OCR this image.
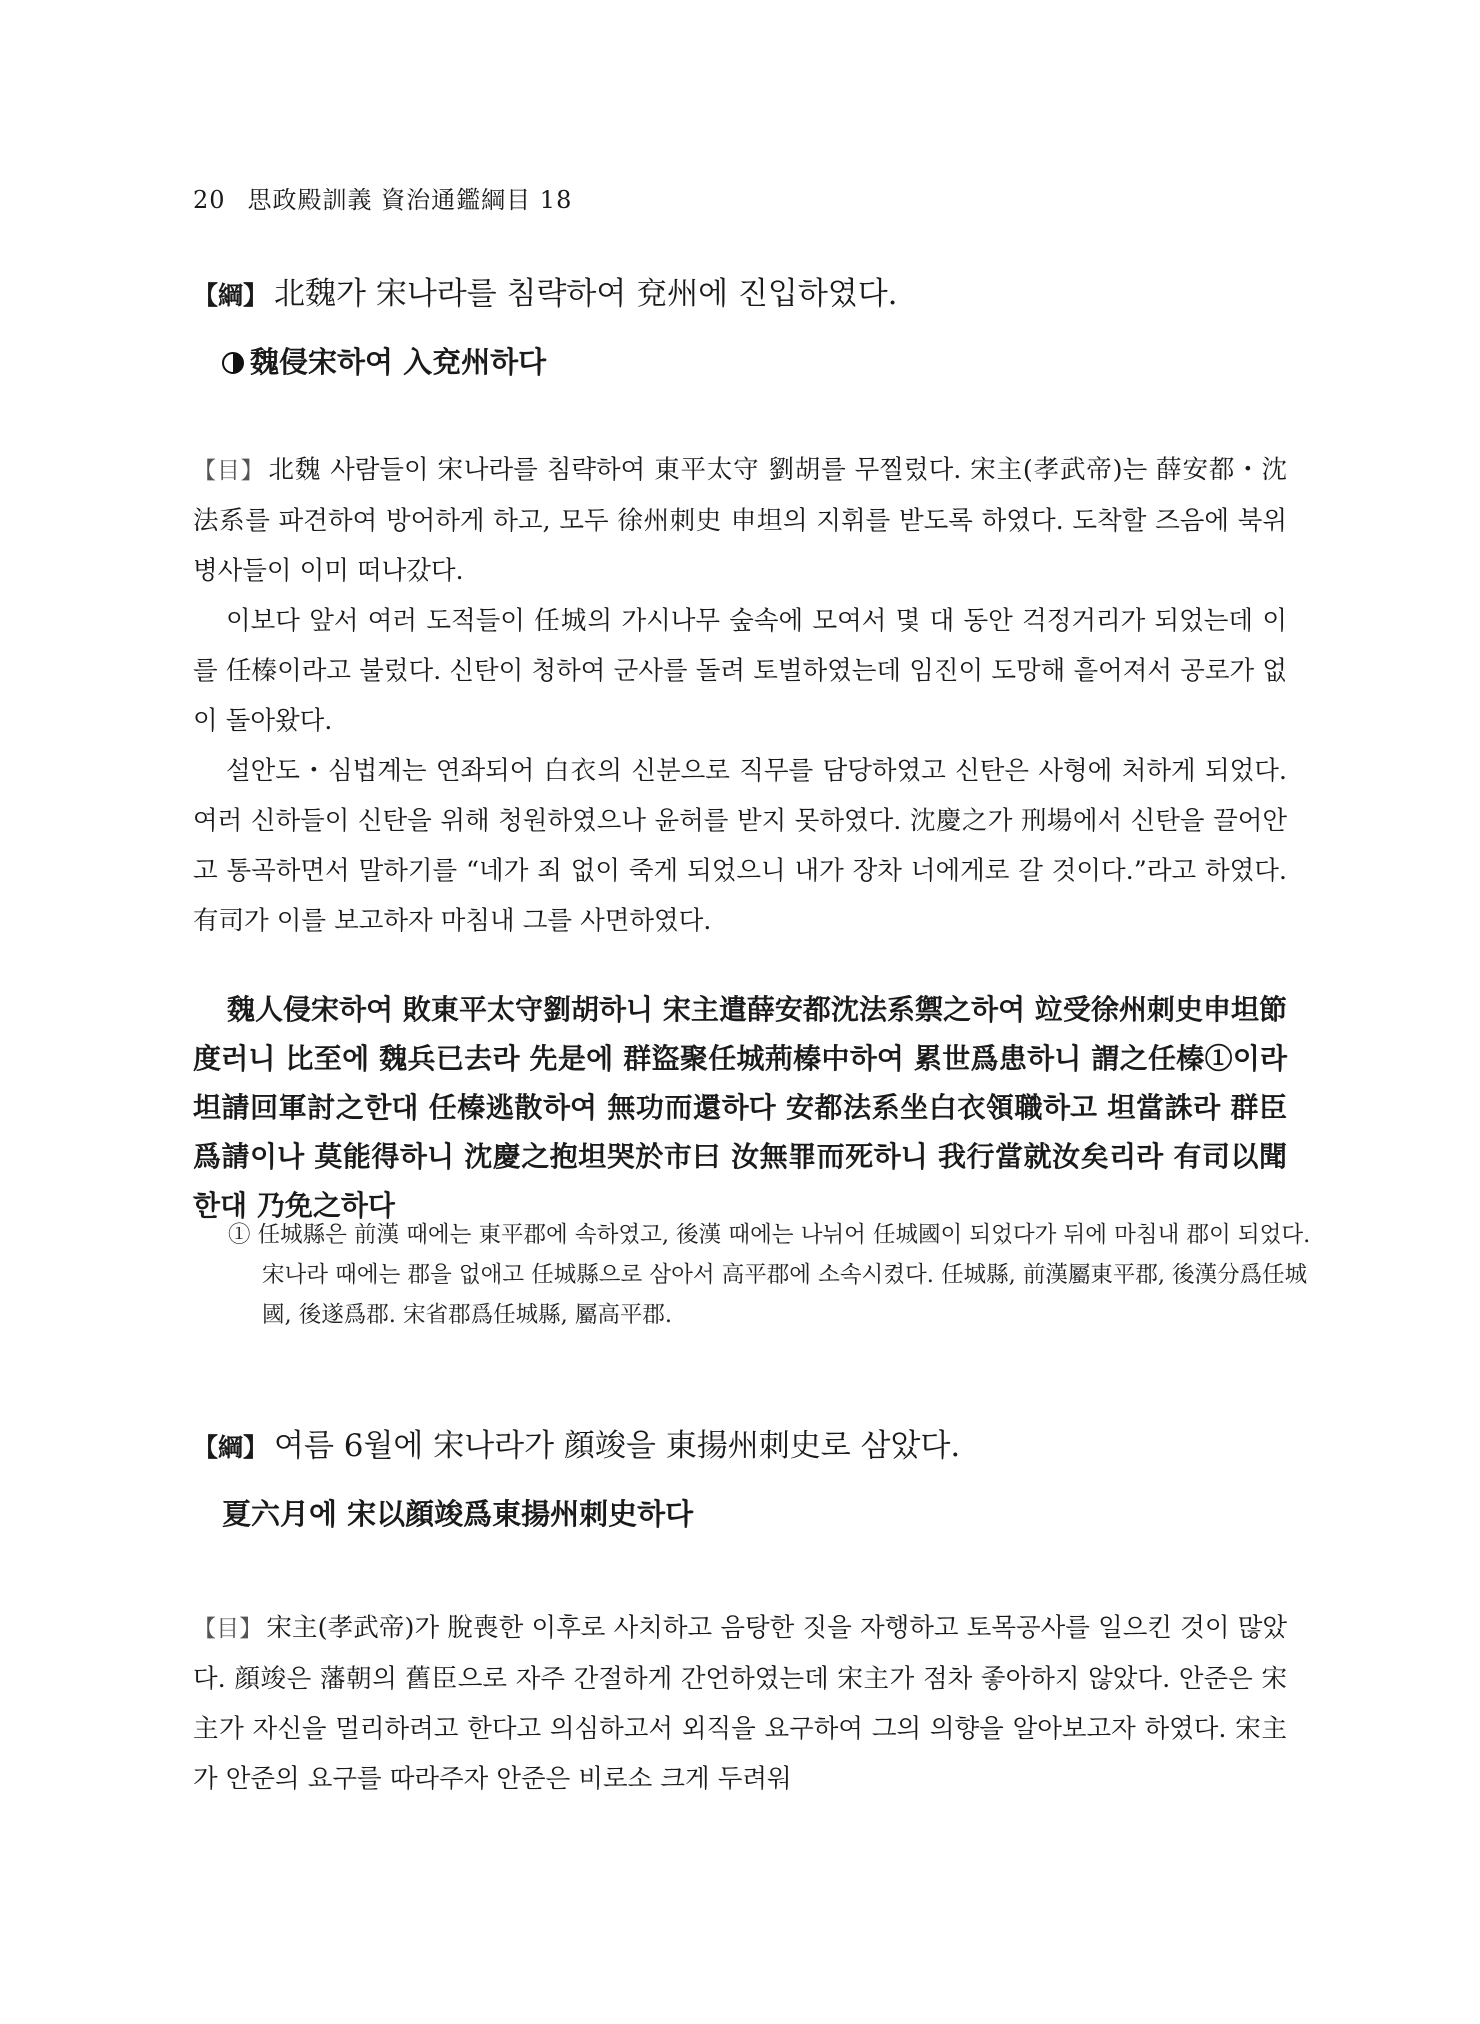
20 思政殿訓義 資治通鑑綱目 18
【綱】 北魏가 宋나라를 침략하여 兗州에 진입하였다.
魏侵宋하여 入兗州하다

【目】 北魏 사람들이 宋나라를 침략하여 東平太守 劉胡를 무찔렀다. 宋主(孝武帝)는 薛安都・沈法系를 파견하여 방어하게 하고, 모두 徐州刺史 申坦의 지휘를 받도록 하였다. 도착할 즈음에 북위 병사들이 이미 떠나갔다.

이보다 앞서 여러 도적들이 任城의 가시나무 숲속에 모여서 몇 대 동안 걱정거리가 되었는데 이를 任榛이라고 불렀다. 신탄이 청하여 군사를 돌려 토벌하였는데 임진이 도망해 흩어져서 공로가 없이 돌아왔다.

설안도・심법계는 연좌되어 白衣의 신분으로 직무를 담당하였고 신탄은 사형에 처하게 되었다. 여러 신하들이 신탄을 위해 청원하였으나 윤허를 받지 못하였다. 沈慶之가 刑場에서 신탄을 끌어안고 통곡하면서 말하기를 “네가 죄 없이 죽게 되었으니 내가 장차 너에게로 갈 것이다.”라고 하였다. 有司가 이를 보고하자 마침내 그를 사면하였다.

魏人侵宋하여 敗東平太守劉胡하니 宋主遣薛安都沈法系禦之하여 竝受徐州刺史申坦節度러니 比至에 魏兵已去라 先是에 群盜聚任城荊榛中하여 累世爲患하니 謂之任榛①이라 坦請回軍討之한대 任榛逃散하여 無功而還하다 安都法系坐白衣領職하고 坦當誅라 群臣爲請이나 莫能得하니 沈慶之抱坦哭於市曰 汝無罪而死하니 我行當就汝矣리라 有司以聞한대 乃免之하다
① 任城縣은 前漢 때에는 東平郡에 속하였고, 後漢 때에는 나뉘어 任城國이 되었다가 뒤에 마침내 郡이 되었다. 宋나라 때에는 郡을 없애고 任城縣으로 삼아서 高平郡에 소속시켰다. 任城縣, 前漢屬東平郡, 後漢分爲任城國, 後遂爲郡. 宋省郡爲任城縣, 屬高平郡.
【綱】 여름 6월에 宋나라가 顔竣을 東揚州刺史로 삼았다.
夏六月에 宋以顔竣爲東揚州刺史하다

【目】 宋主(孝武帝)가 脫喪한 이후로 사치하고 음탕한 짓을 자행하고 토목공사를 일으킨 것이 많았다. 顔竣은 藩朝의 舊臣으로 자주 간절하게 간언하였는데 宋主가 점차 좋아하지 않았다. 안준은 宋主가 자신을 멀리하려고 한다고 의심하고서 외직을 요구하여 그의 의향을 알아보고자 하였다. 宋主가 안준의 요구를 따라주자 안준은 비로소 크게 두려워
